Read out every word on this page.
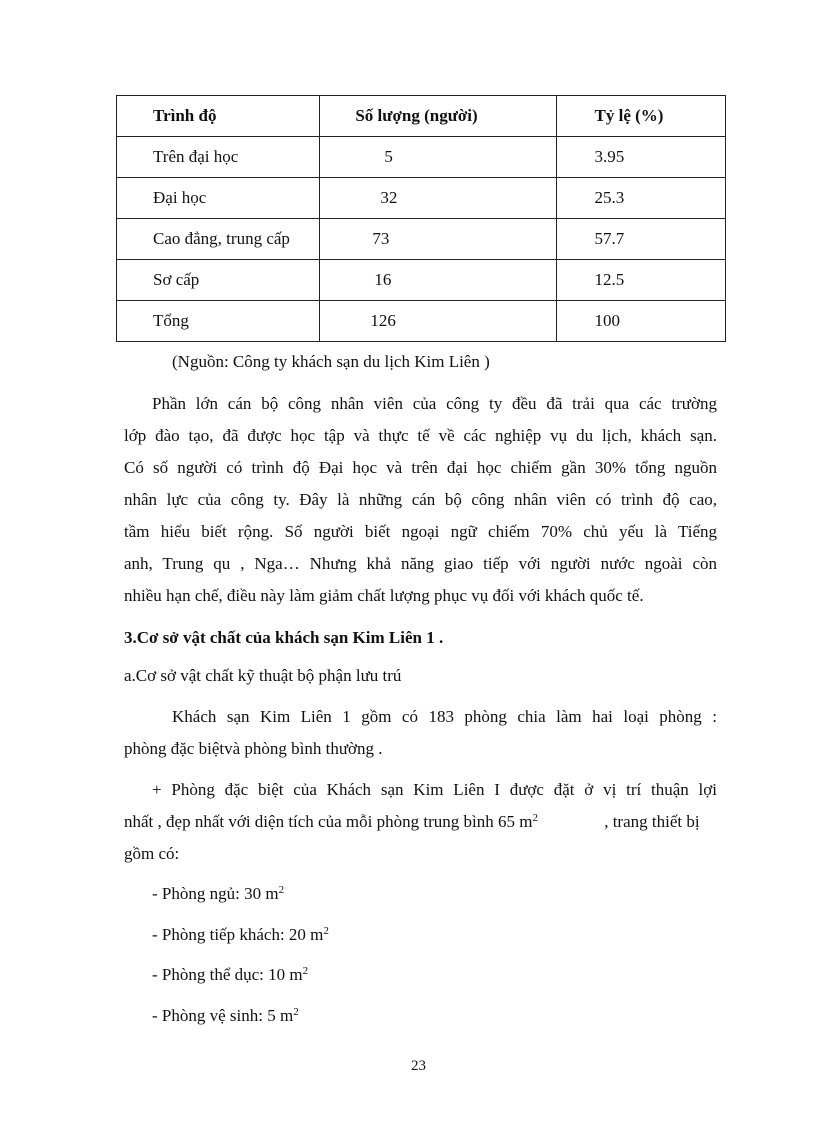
Trình độ	Số lượng (người)	Tỷ lệ (%)

Trên đại học	5	3.95

Đại học	32	25.3

Cao đẳng, trung cấp	73	57.7

Sơ cấp	16	12.5

Tổng	126	100
(Nguồn: Công ty khách sạn du lịch Kim Liên )
Phần lớn cán bộ công nhân viên của công ty đều đã trải qua các trường
lớp đào tạo, đã được học tập và thực tế về các nghiệp vụ du lịch, khách sạn.
Có số người có trình độ Đại học và trên đại học chiếm gần 30% tổng nguồn
nhân lực của công ty. Đây là những cán bộ công nhân viên có trình độ cao,
tầm hiểu biết rộng. Số người biết ngoại ngữ chiếm 70% chủ yếu là Tiếng
anh, Trung qu , Nga… Nhưng khả năng giao tiếp với người nước ngoài còn
nhiều hạn chế, điều này làm giảm chất lượng phục vụ đối với khách quốc tế.
3.Cơ sở vật chất của khách sạn Kim Liên 1 .
a.Cơ sở vật chất kỹ thuật bộ phận lưu trú
Khách sạn Kim Liên 1 gồm có 183 phòng chia làm hai loại phòng :
phòng đặc biệtvà phòng bình thường .
+ Phòng đặc biệt của Khách sạn Kim Liên I được đặt ở vị trí thuận lợi
nhất , đẹp nhất với diện tích của mỗi phòng trung bình 65 $m^2$	, trang thiết bị
gồm có:
- Phòng ngủ: 30 $m^2$
- Phòng tiếp khách: 20 $m^2$
- Phòng thể dục: 10 $m^2$
- Phòng vệ sinh: 5 $m^2$
23
